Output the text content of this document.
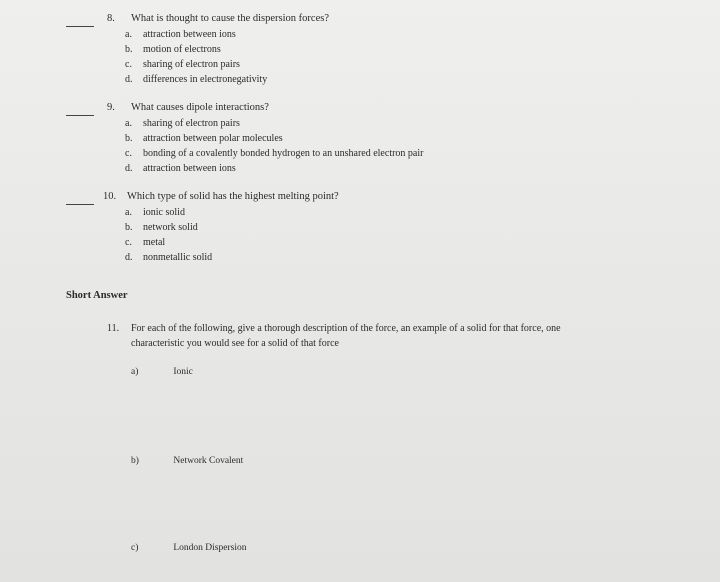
8.	What is thought to cause the dispersion forces?
a.	attraction between ions
b.	motion of electrons
c.	sharing of electron pairs
d.	differences in electronegativity
9.	What causes dipole interactions?
a.	sharing of electron pairs
b.	attraction between polar molecules
c.	bonding of a covalently bonded hydrogen to an unshared electron pair
d.	attraction between ions
10.	Which type of solid has the highest melting point?
a.	ionic solid
b.	network solid
c.	metal
d.	nonmetallic solid
Short Answer
11.	For each of the following, give a thorough description of the force, an example of a solid for that force, one
characteristic you would see for a solid of that force
a)	Ionic
b)	Network Covalent
c)	London Dispersion
